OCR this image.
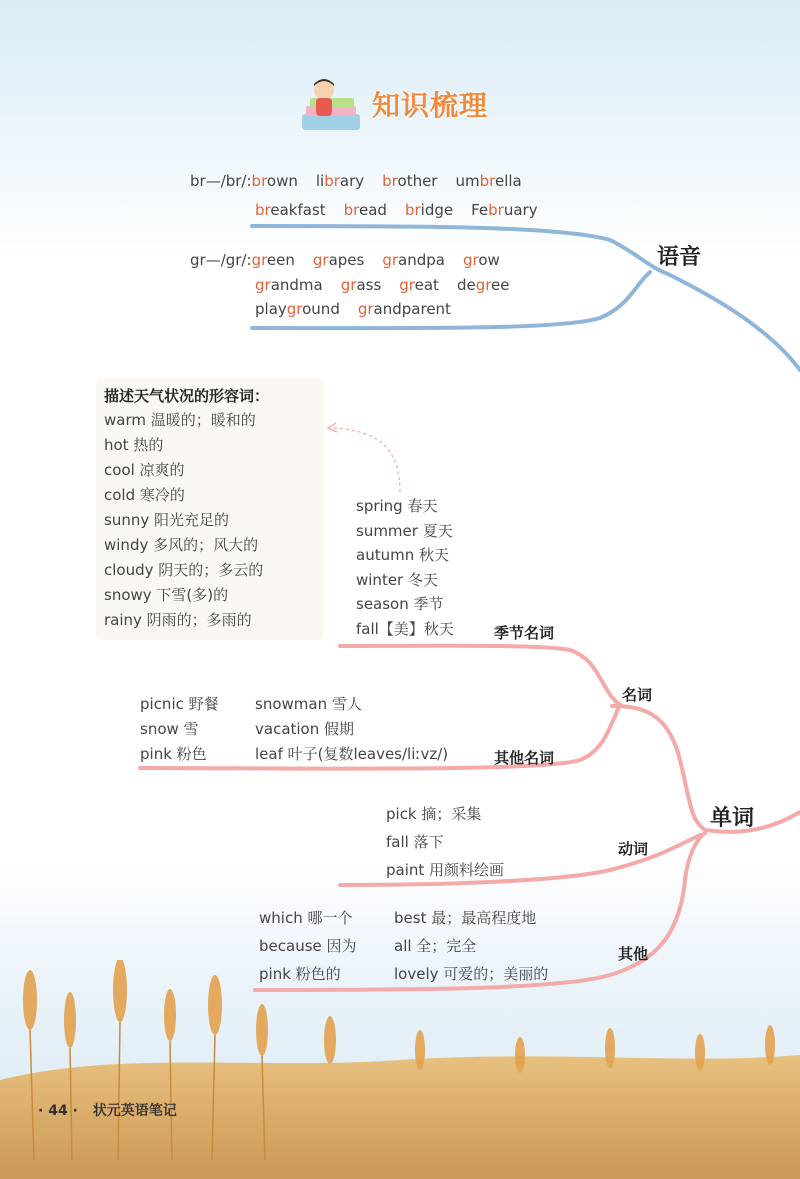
知识梳理
br—/br/:brown library brother umbrella
breakfast bread bridge February
gr—/gr/:green grapes grandpa grow
grandma grass great degree
playground grandparent
语音
描述天气状况的形容词：
warm 温暖的；暖和的
hot 热的
cool 凉爽的
cold 寒冷的
sunny 阳光充足的
windy 多风的；风大的
cloudy 阴天的；多云的
snowy 下雪(多)的
rainy 阴雨的；多雨的
spring 春天
summer 夏天
autumn 秋天
winter 冬天
season 季节
fall【美】秋天	季节名词
名词
picnic 野餐
snow 雪
pink 粉色
snowman 雪人
vacation 假期
leaf 叶子(复数leaves/liːvz/)	其他名词
单词
pick 摘；采集
fall 落下
paint 用颜料绘画
动词
which 哪一个
because 因为
pink 粉色的
best 最；最高程度地
all 全；完全
lovely 可爱的；美丽的
其他
· 44 · 状元英语笔记
